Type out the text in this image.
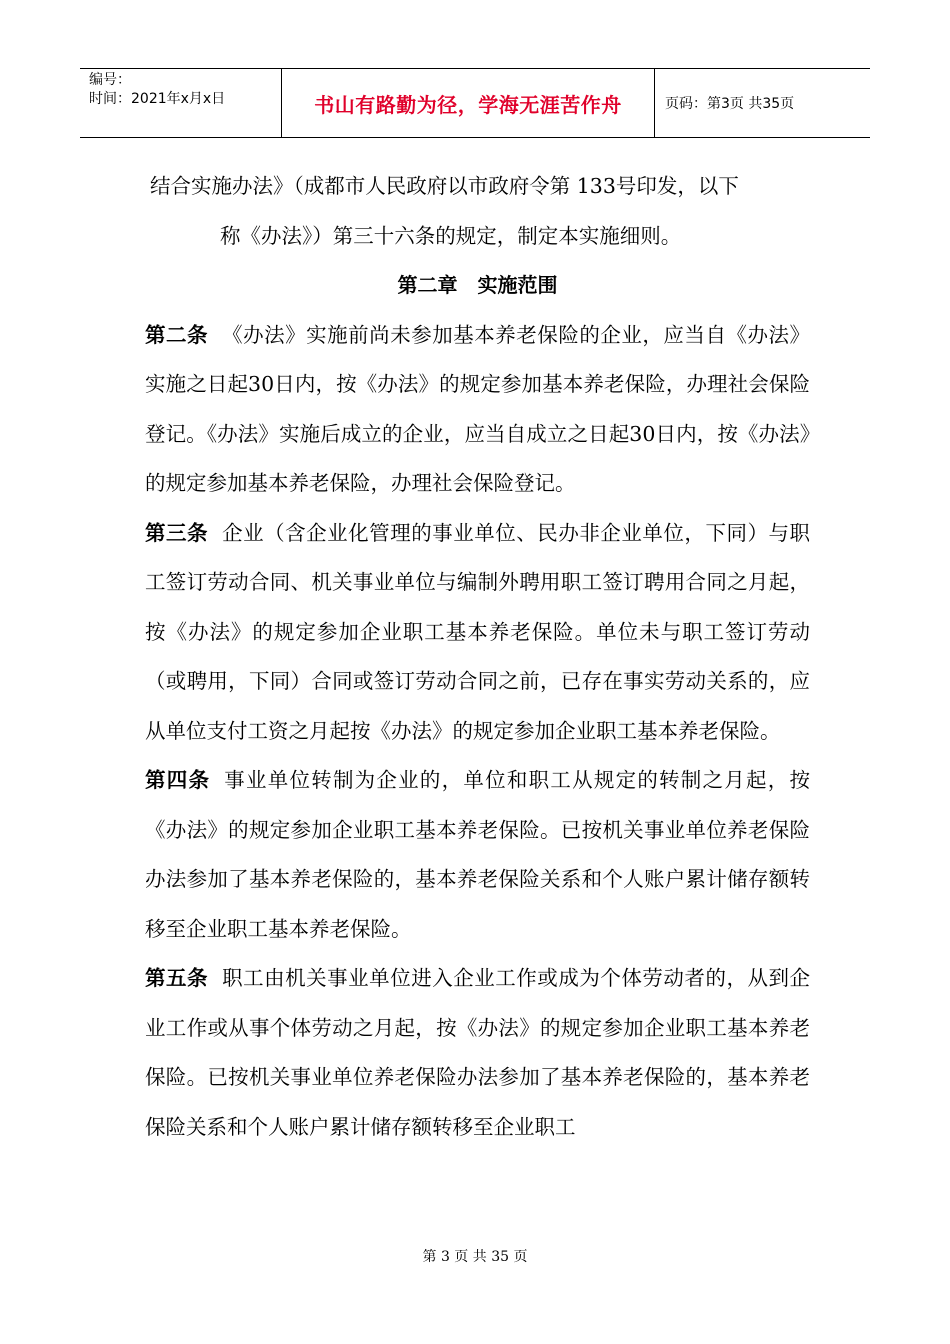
编号：
时间：2021年x月x日	书山有路勤为径，学海无涯苦作舟	页码：第3页 共35页

结合实施办法》（成都市人民政府以市政府令第 133号印发，以下

称《办法》）第三十六条的规定，制定本实施细则。

第二章　实施范围

第二条 《办法》实施前尚未参加基本养老保险的企业，应当自《办法》实施之日起30日内，按《办法》的规定参加基本养老保险，办理社会保险登记。《办法》实施后成立的企业，应当自成立之日起30日内，按《办法》的规定参加基本养老保险，办理社会保险登记。

第三条 企业（含企业化管理的事业单位、民办非企业单位，下同）与职工签订劳动合同、机关事业单位与编制外聘用职工签订聘用合同之月起，按《办法》的规定参加企业职工基本养老保险。单位未与职工签订劳动（或聘用，下同）合同或签订劳动合同之前，已存在事实劳动关系的，应从单位支付工资之月起按《办法》的规定参加企业职工基本养老保险。

第四条 事业单位转制为企业的，单位和职工从规定的转制之月起，按《办法》的规定参加企业职工基本养老保险。已按机关事业单位养老保险办法参加了基本养老保险的，基本养老保险关系和个人账户累计储存额转移至企业职工基本养老保险。

第五条 职工由机关事业单位进入企业工作或成为个体劳动者的，从到企业工作或从事个体劳动之月起，按《办法》的规定参加企业职工基本养老保险。已按机关事业单位养老保险办法参加了基本养老保险的，基本养老保险关系和个人账户累计储存额转移至企业职工

第 3 页 共 35 页
